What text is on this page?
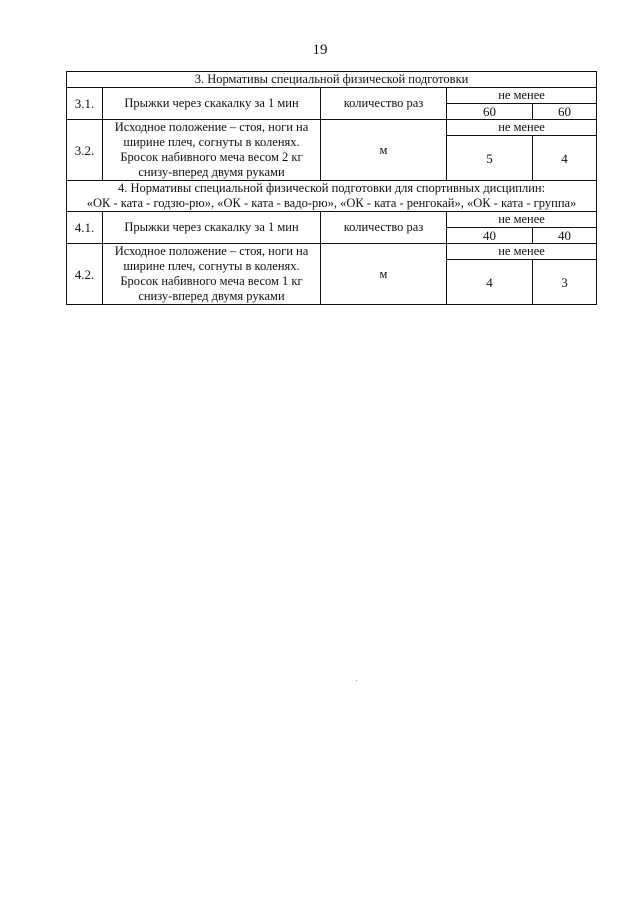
19
3. Нормативы специальной физической подготовки				

3.1.	Прыжки через скакалку за 1 мин	количество раз	не менее	
			60	60
3.2.	Исходное положение – стоя, ноги на
ширине плеч, согнуты в коленях.
Бросок набивного меча весом 2 кг
снизу-вперед двумя руками	м	не менее	
			5	4

4. Нормативы специальной физической подготовки для спортивных дисциплин:
«ОК - ката - годзю-рю», «ОК - ката - вадо-рю», «ОК - ката - ренгокай», «ОК - ката - группа»				

4.1.	Прыжки через скакалку за 1 мин	количество раз	не менее	
			40	40
4.2.	Исходное положение – стоя, ноги на
ширине плеч, согнуты в коленях.
Бросок набивного меча весом 1 кг
снизу-вперед двумя руками	м	не менее	
			4	3
